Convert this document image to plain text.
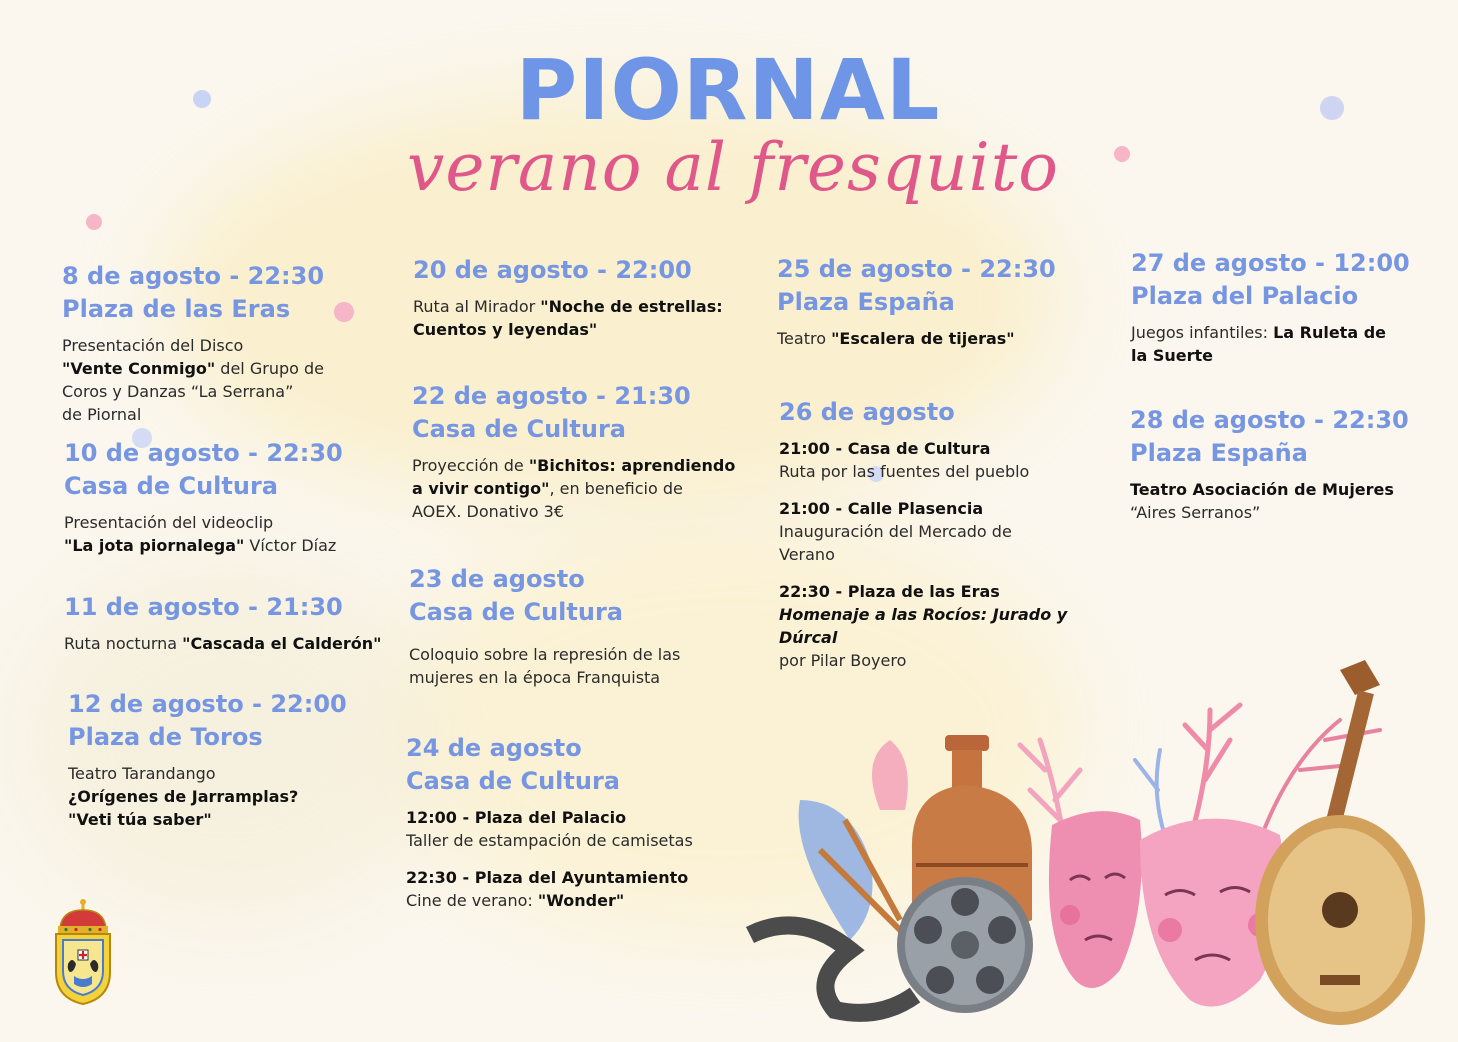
PIORNAL
verano al fresquito
8 de agosto - 22:30
Plaza de las Eras
Presentación del Disco
"Vente Conmigo" del Grupo de
Coros y Danzas “La Serrana”
de Piornal
10 de agosto - 22:30
Casa de Cultura
Presentación del videoclip
"La jota piornalega" Víctor Díaz
11 de agosto - 21:30
Ruta nocturna "Cascada el Calderón"
12 de agosto - 22:00
Plaza de Toros
Teatro Tarandango
¿Orígenes de Jarramplas?
"Veti túa saber"
20 de agosto - 22:00
Ruta al Mirador "Noche de estrellas:
Cuentos y leyendas"
22 de agosto - 21:30
Casa de Cultura
Proyección de "Bichitos: aprendiendo
a vivir contigo", en beneficio de
AOEX. Donativo 3€
23 de agosto
Casa de Cultura
Coloquio sobre la represión de las
mujeres en la época Franquista
24 de agosto
Casa de Cultura
12:00 - Plaza del Palacio
Taller de estampación de camisetas
22:30 - Plaza del Ayuntamiento
Cine de verano: "Wonder"
25 de agosto - 22:30
Plaza España
Teatro "Escalera de tijeras"
26 de agosto
21:00 - Casa de Cultura
Ruta por las fuentes del pueblo
21:00 - Calle Plasencia
Inauguración del Mercado de
Verano
22:30 - Plaza de las Eras
Homenaje a las Rocíos: Jurado y Dúrcal
por Pilar Boyero
27 de agosto - 12:00
Plaza del Palacio
Juegos infantiles: La Ruleta de
la Suerte
28 de agosto - 22:30
Plaza España
Teatro Asociación de Mujeres
“Aires Serranos”
